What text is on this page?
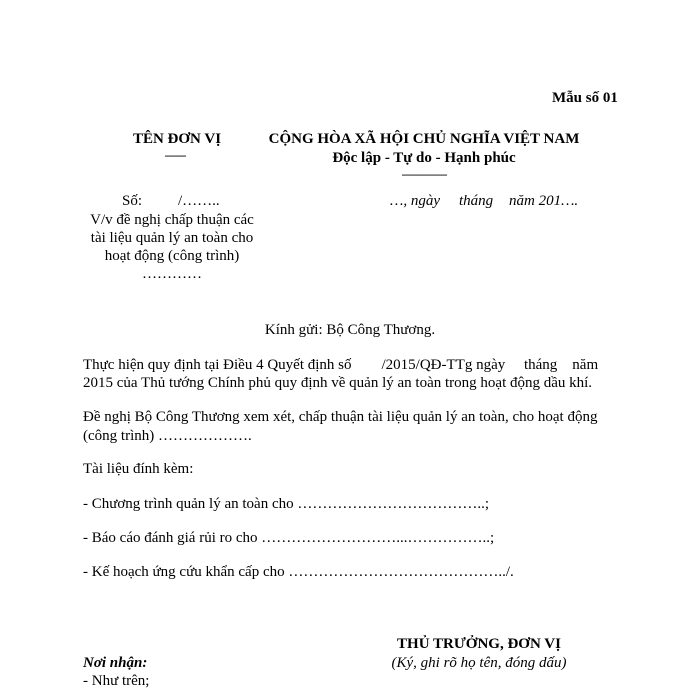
Mẫu số 01
TÊN ĐƠN VỊ
-------
CỘNG HÒA XÃ HỘI CHỦ NGHĨA VIỆT NAM
Độc lập - Tự do - Hạnh phúc
---------------
Số: /……..	…, ngày tháng năm 201….
V/v đề nghị chấp thuận các
tài liệu quản lý an toàn cho
hoạt động (công trình)
…………
Kính gửi: Bộ Công Thương.
Thực hiện quy định tại Điều 4 Quyết định số        /2015/QĐ-TTg ngày     tháng    năm
2015 của Thủ tướng Chính phủ quy định về quản lý an toàn trong hoạt động dầu khí.
Đề nghị Bộ Công Thương xem xét, chấp thuận tài liệu quản lý an toàn, cho hoạt động
(công trình) ……………….
Tài liệu đính kèm:
- Chương trình quản lý an toàn cho ………………………………..;
- Báo cáo đánh giá rủi ro cho ………………………...……………..;
- Kế hoạch ứng cứu khẩn cấp cho ……………………………………../.
THỦ TRƯỞNG, ĐƠN VỊ
(Ký, ghi rõ họ tên, đóng dấu)
Nơi nhận:
- Như trên;
